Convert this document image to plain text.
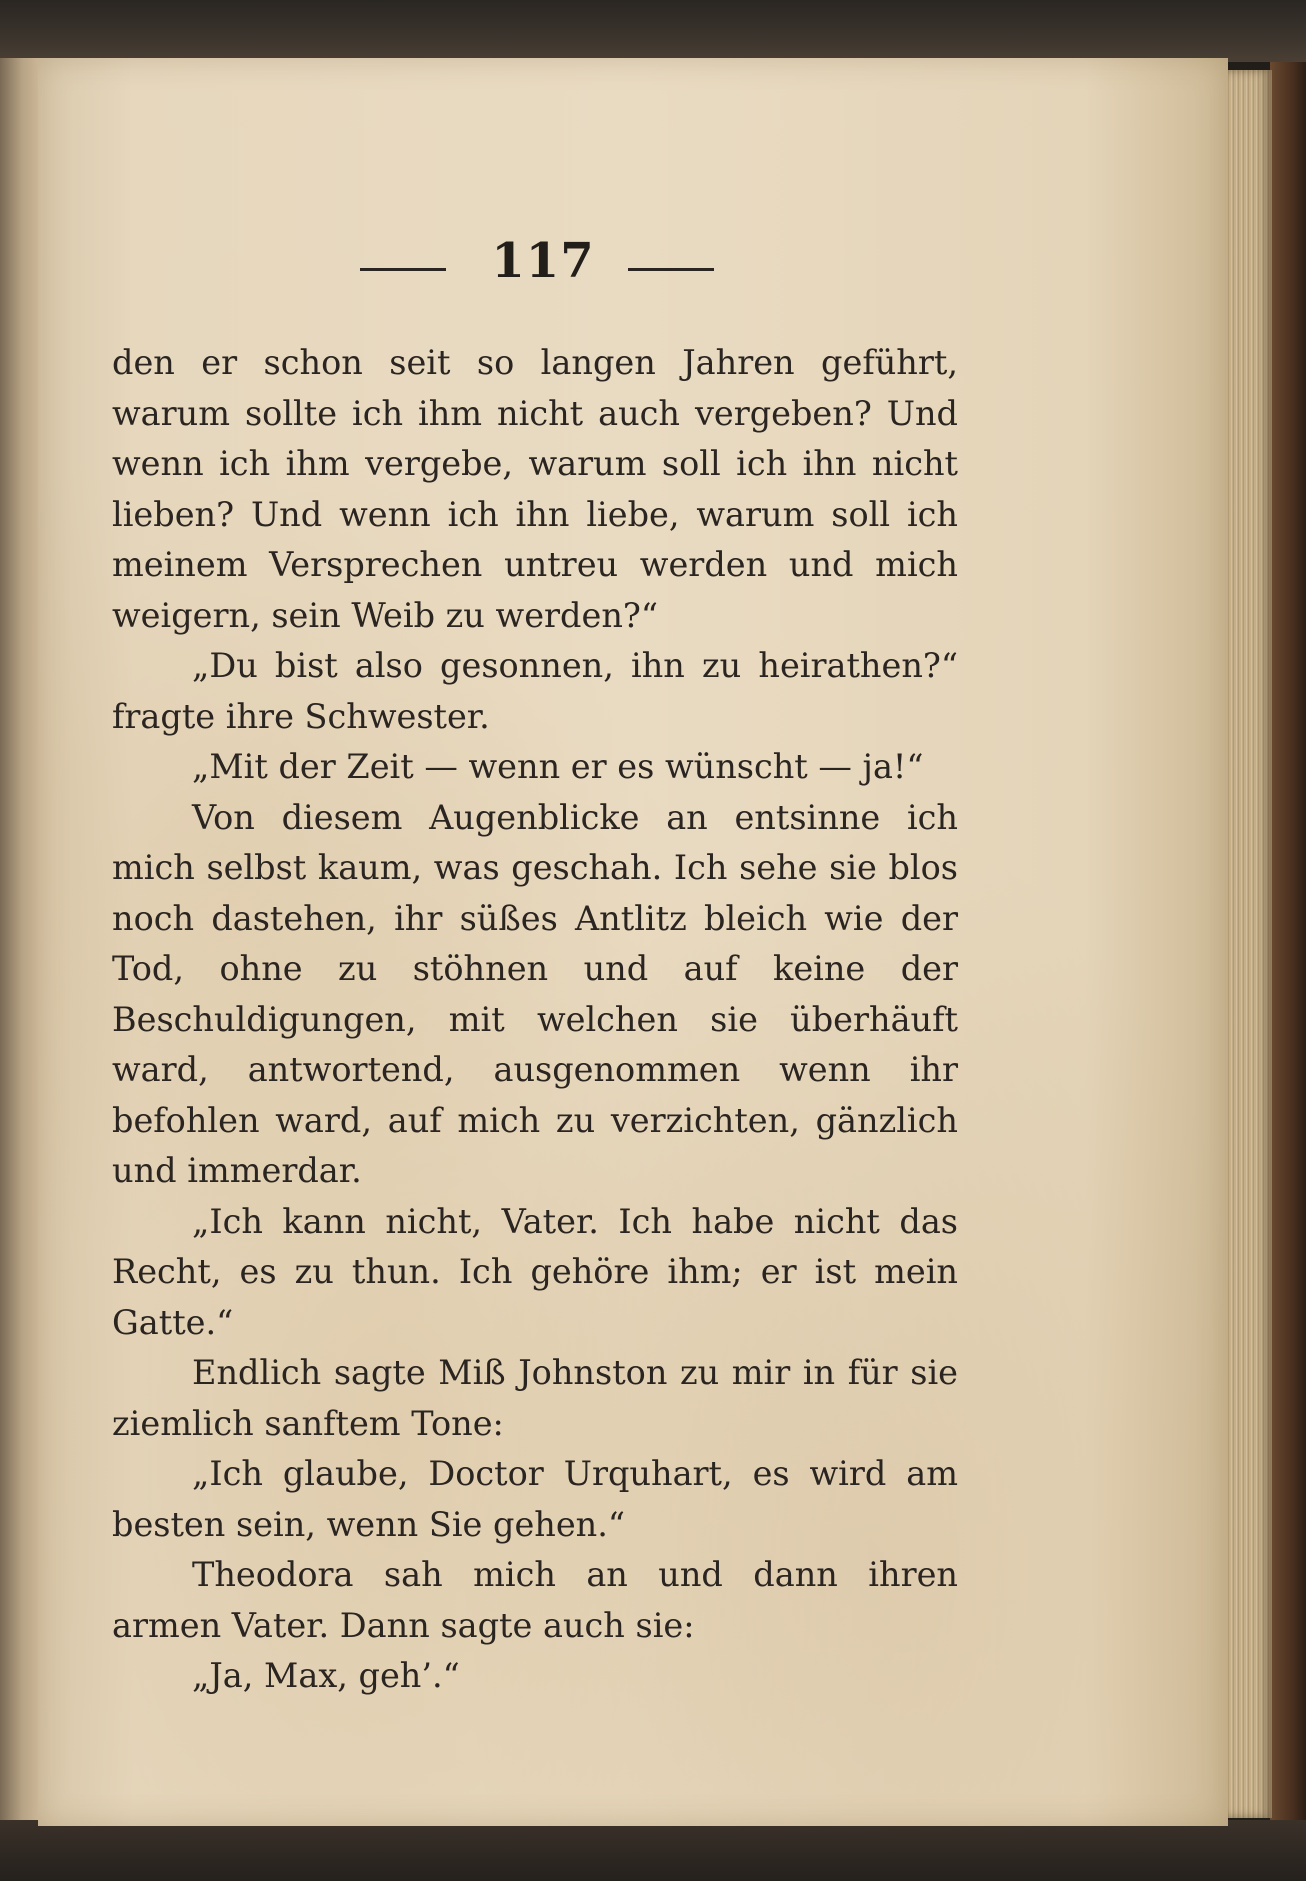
117

den er schon seit so langen Jahren geführt, warum sollte ich ihm nicht auch vergeben? Und wenn ich ihm vergebe, warum soll ich ihn nicht lieben? Und wenn ich ihn liebe, warum soll ich meinem Versprechen untreu werden und mich weigern, sein Weib zu werden?“

„Du bist also gesonnen, ihn zu heirathen?“ fragte ihre Schwester.

„Mit der Zeit — wenn er es wünscht — ja!“

Von diesem Augenblicke an entsinne ich mich selbst kaum, was geschah. Ich sehe sie blos noch dastehen, ihr süßes Antlitz bleich wie der Tod, ohne zu stöhnen und auf keine der Beschuldigungen, mit welchen sie überhäuft ward, antwortend, ausgenommen wenn ihr befohlen ward, auf mich zu verzichten, gänzlich und immerdar.

„Ich kann nicht, Vater. Ich habe nicht das Recht, es zu thun. Ich gehöre ihm; er ist mein Gatte.“

Endlich sagte Miß Johnston zu mir in für sie ziemlich sanftem Tone:

„Ich glaube, Doctor Urquhart, es wird am besten sein, wenn Sie gehen.“

Theodora sah mich an und dann ihren armen Vater. Dann sagte auch sie:

„Ja, Max, geh’.“
